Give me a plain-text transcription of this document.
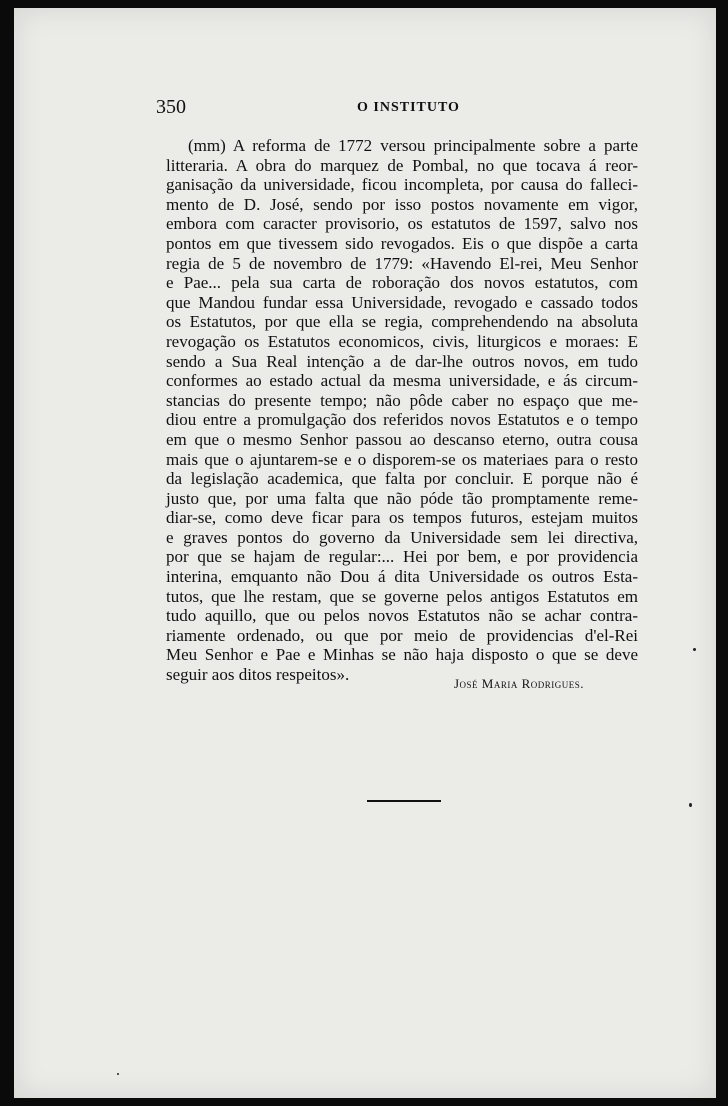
350	O INSTITUTO
(mm) A reforma de 1772 versou principalmente sobre a parte
litteraria. A obra do marquez de Pombal, no que tocava á reor-
ganisação da universidade, ficou incompleta, por causa do falleci-
mento de D. José, sendo por isso postos novamente em vigor,
embora com caracter provisorio, os estatutos de 1597, salvo nos
pontos em que tivessem sido revogados. Eis o que dispõe a carta
regia de 5 de novembro de 1779: «Havendo El-rei, Meu Senhor
e Pae... pela sua carta de roboração dos novos estatutos, com
que Mandou fundar essa Universidade, revogado e cassado todos
os Estatutos, por que ella se regia, comprehendendo na absoluta
revogação os Estatutos economicos, civis, liturgicos e moraes: E
sendo a Sua Real intenção a de dar-lhe outros novos, em tudo
conformes ao estado actual da mesma universidade, e ás circum-
stancias do presente tempo; não pôde caber no espaço que me-
diou entre a promulgação dos referidos novos Estatutos e o tempo
em que o mesmo Senhor passou ao descanso eterno, outra cousa
mais que o ajuntarem-se e o disporem-se os materiaes para o resto
da legislação academica, que falta por concluir. E porque não é
justo que, por uma falta que não póde tão promptamente reme-
diar-se, como deve ficar para os tempos futuros, estejam muitos
e graves pontos do governo da Universidade sem lei directiva,
por que se hajam de regular:... Hei por bem, e por providencia
interina, emquanto não Dou á dita Universidade os outros Esta-
tutos, que lhe restam, que se governe pelos antigos Estatutos em
tudo aquillo, que ou pelos novos Estatutos não se achar contra-
riamente ordenado, ou que por meio de providencias d'el-Rei
Meu Senhor e Pae e Minhas se não haja disposto o que se deve
seguir aos ditos respeitos».	José Maria Rodrigues.
